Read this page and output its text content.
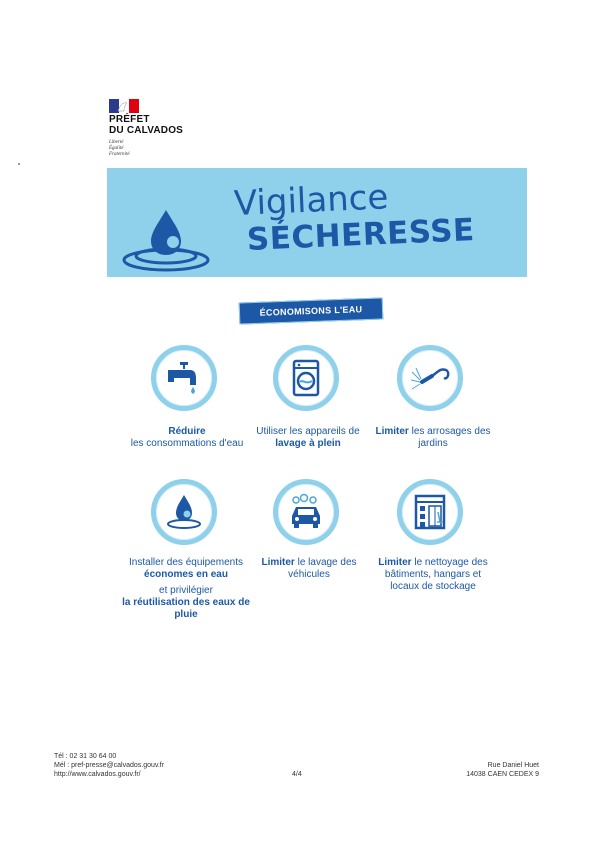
PRÉFET
DU CALVADOS
Liberté
Égalité
Fraternité
Vigilance
SÉCHERESSE
ÉCONOMISONS L'EAU
Réduire
les consommations d'eau
Utiliser les appareils de lavage à plein
Limiter les arrosages des jardins
Installer des équipements
économes en eau
et privilégier
la réutilisation des eaux de pluie
Limiter le lavage des véhicules
Limiter le nettoyage des bâtiments, hangars et locaux de stockage
Tél : 02 31 30 64 00
Mél : pref-presse@calvados.gouv.fr
http://www.calvados.gouv.fr/	4/4
Rue Daniel Huet
14038 CAEN CEDEX 9
